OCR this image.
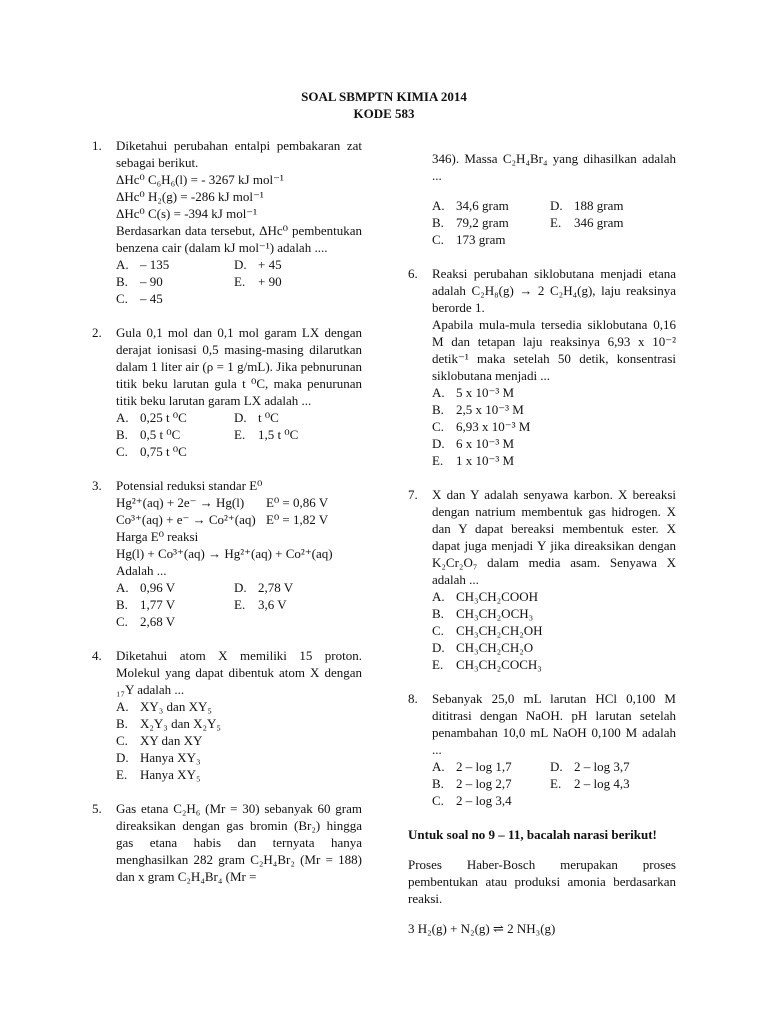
SOAL SBMPTN KIMIA 2014
KODE 583
1. Diketahui perubahan entalpi pembakaran zat sebagai berikut.

ΔHc⁰ C₆H₆(l) = - 3267 kJ mol⁻¹

ΔHc⁰ H₂(g) = -286 kJ mol⁻¹

ΔHc⁰ C(s) = -394 kJ mol⁻¹

Berdasarkan data tersebut, ΔHc⁰ pembentukan benzena cair (dalam kJ mol⁻¹) adalah ....

A. – 135	D. + 45
B. – 90	E. + 90
C. – 45
2. Gula 0,1 mol dan 0,1 mol garam LX dengan derajat ionisasi 0,5 masing-masing dilarutkan dalam 1 liter air (ρ = 1 g/mL). Jika pebnurunan titik beku larutan gula t ⁰C, maka penurunan titik beku larutan garam LX adalah ...

A. 0,25 t ⁰C	D. t ⁰C
B. 0,5 t ⁰C	E. 1,5 t ⁰C
C. 0,75 t ⁰C
3. Potensial reduksi standar E⁰

Hg²⁺(aq) + 2e⁻ → Hg(l)	E⁰ = 0,86 V
Co³⁺(aq) + e⁻ → Co²⁺(aq) E⁰ = 1,82 V

Harga E⁰ reaksi

Hg(l) + Co³⁺(aq) → Hg²⁺(aq) + Co²⁺(aq)

Adalah ...

A. 0,96 V	D. 2,78 V
B. 1,77 V	E. 3,6 V
C. 2,68 V
4. Diketahui atom X memiliki 15 proton. Molekul yang dapat dibentuk atom X dengan ₁₇Y adalah ...

A. XY₃ dan XY₅
B. X₂Y₃ dan X₂Y₅
C. XY dan XY
D. Hanya XY₃
E. Hanya XY₅
5. Gas etana C₂H₆ (Mr = 30) sebanyak 60 gram direaksikan dengan gas bromin (Br₂) hingga gas etana habis dan ternyata hanya menghasilkan 282 gram C₂H₄Br₂ (Mr = 188) dan x gram C₂H₄Br₄ (Mr =

346). Massa C₂H₄Br₄ yang dihasilkan adalah ...

A. 34,6 gram	D. 188 gram
B. 79,2 gram	E. 346 gram
C. 173 gram
6. Reaksi perubahan siklobutana menjadi etana adalah C₂H₈(g) → 2 C₂H₄(g), laju reaksinya berorde 1.

Apabila mula-mula tersedia siklobutana 0,16 M dan tetapan laju reaksinya 6,93 x 10⁻² detik⁻¹ maka setelah 50 detik, konsentrasi siklobutana menjadi ...

A. 5 x 10⁻³ M
B. 2,5 x 10⁻³ M
C. 6,93 x 10⁻³ M
D. 6 x 10⁻³ M
E. 1 x 10⁻³ M
7. X dan Y adalah senyawa karbon. X bereaksi dengan natrium membentuk gas hidrogen. X dan Y dapat bereaksi membentuk ester. X dapat juga menjadi Y jika direaksikan dengan K₂Cr₂O₇ dalam media asam. Senyawa X adalah ...

A. CH₃CH₂COOH
B. CH₃CH₂OCH₃
C. CH₃CH₂CH₂OH
D. CH₃CH₂CH₂O
E. CH₃CH₂COCH₃
8. Sebanyak 25,0 mL larutan HCl 0,100 M dititrasi dengan NaOH. pH larutan setelah penambahan 10,0 mL NaOH 0,100 M adalah ...

A. 2 – log 1,7	D. 2 – log 3,7
B. 2 – log 2,7	E. 2 – log 4,3
C. 2 – log 3,4

Untuk soal no 9 – 11, bacalah narasi berikut!

Proses Haber-Bosch merupakan proses pembentukan atau produksi amonia berdasarkan reaksi.

3 H₂(g) + N₂(g) ⇌ 2 NH₃(g)
